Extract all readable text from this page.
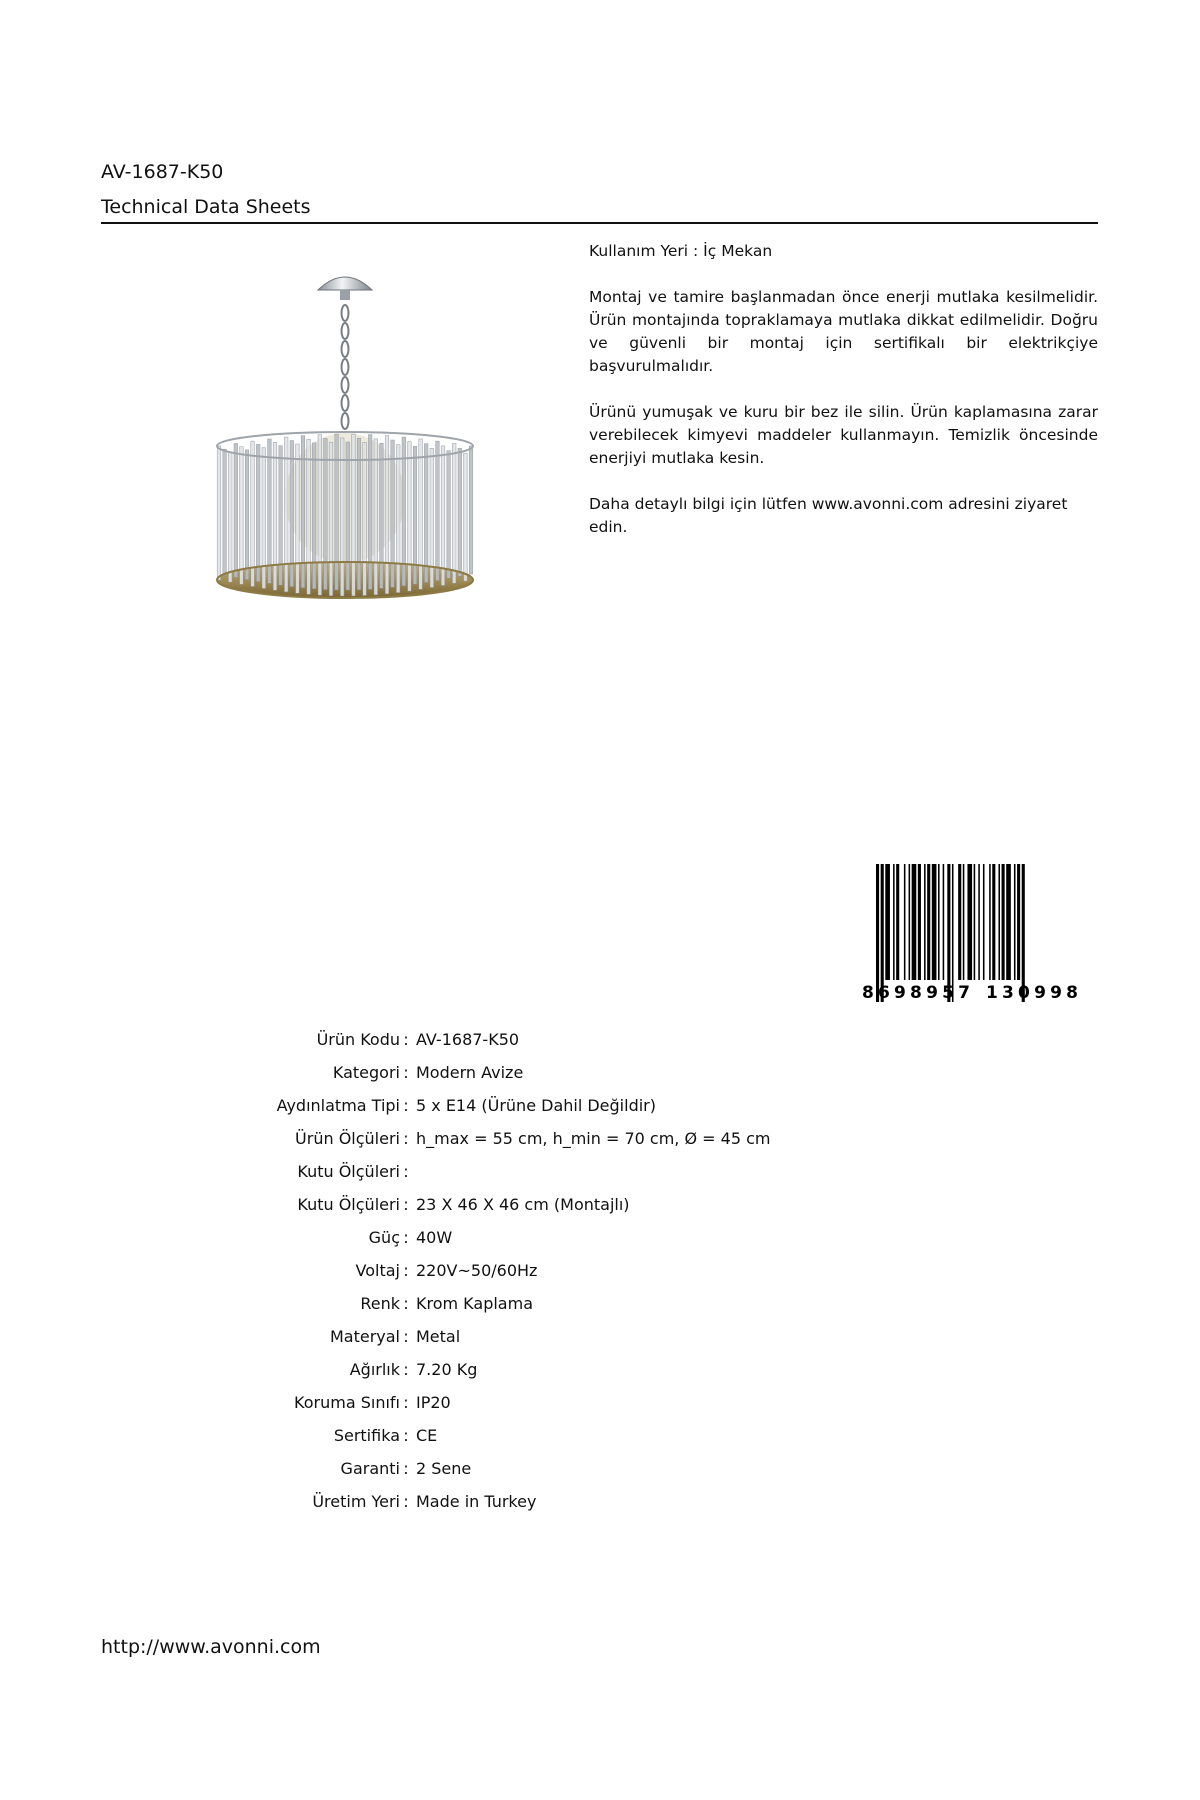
AV-1687-K50
Technical Data Sheets

Kullanım Yeri : İç Mekan

Montaj ve tamire başlanmadan önce enerji mutlaka kesilmelidir. Ürün montajında topraklamaya mutlaka dikkat edilmelidir. Doğru ve güvenli bir montaj için sertifikalı bir elektrikçiye başvurulmalıdır.

Ürünü yumuşak ve kuru bir bez ile silin. Ürün kaplamasına zarar verebilecek kimyevi maddeler kullanmayın. Temizlik öncesinde enerjiyi mutlaka kesin.

Daha detaylı bilgi için lütfen www.avonni.com adresini ziyaret edin.

8 698957 130998
Ürün Kodu : AV-1687-K50
Kategori : Modern Avize
Aydınlatma Tipi : 5 x E14 (Ürüne Dahil Değildir)
Ürün Ölçüleri : h_max = 55 cm, h_min = 70 cm, Ø = 45 cm
Kutu Ölçüleri :
Kutu Ölçüleri : 23 X 46 X 46 cm (Montajlı)
Güç : 40W
Voltaj : 220V~50/60Hz
Renk : Krom Kaplama
Materyal : Metal
Ağırlık : 7.20 Kg
Koruma Sınıfı : IP20
Sertifika : CE
Garanti : 2 Sene
Üretim Yeri : Made in Turkey
http://www.avonni.com
